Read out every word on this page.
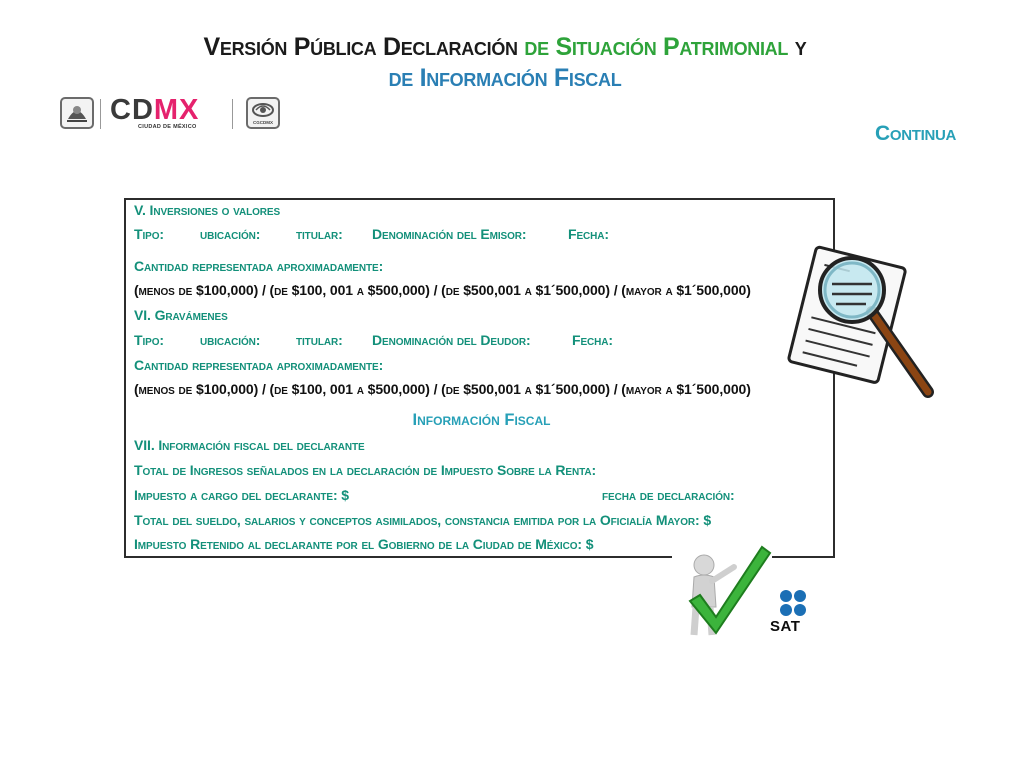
Versión Pública Declaración de Situación Patrimonial y
de Información Fiscal
CDMX
CIUDAD DE MÉXICO
CGCDMX	Continua
V. Inversiones o valores
Tipo:	ubicación:	titular: Denominación del Emisor:	Fecha:
Cantidad representada aproximadamente:
(menos de $100,000) / (de $100, 001 a $500,000) / (de $500,001 a $1´500,000) / (mayor a $1´500,000)
VI. Gravámenes
Tipo:	ubicación:	titular: Denominación del Deudor:	Fecha:
Cantidad representada aproximadamente:
(menos de $100,000) / (de $100, 001 a $500,000) / (de $500,001 a $1´500,000) / (mayor a $1´500,000)
Información Fiscal
VII. Información fiscal del declarante
Total de Ingresos señalados en la declaración de Impuesto Sobre la Renta:
Impuesto a cargo del declarante: $	fecha de declaración:
Total del sueldo, salarios y conceptos asimilados, constancia emitida por la Oficialía Mayor: $
Impuesto Retenido al declarante por el Gobierno de la Ciudad de México: $
SAT
